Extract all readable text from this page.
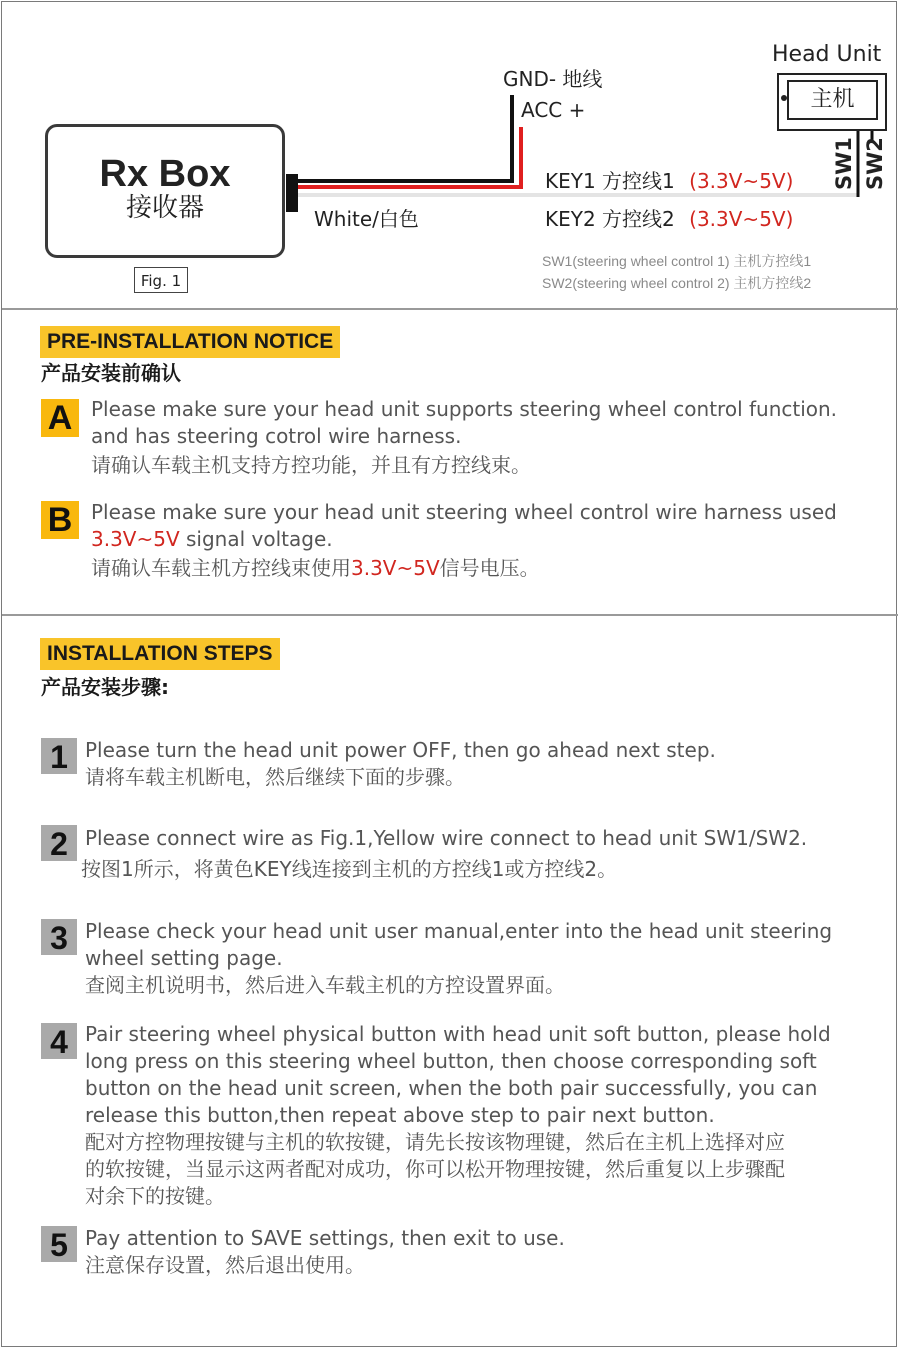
Rx Box
接收器
Fig. 1
GND- 地线
ACC +
White/白色
KEY1 方控线1 (3.3V~5V)
KEY2 方控线2 (3.3V~5V)
Head Unit
主机
SW1 SW2
SW1(steering wheel control 1) 主机方控线1
SW2(steering wheel control 2) 主机方控线2
PRE-INSTALLATION NOTICE
产品安装前确认
A Please make sure your head unit supports steering wheel control function.
and has steering cotrol wire harness.
请确认车载主机支持方控功能，并且有方控线束。
B Please make sure your head unit steering wheel control wire harness used
3.3V~5V signal voltage.
请确认车载主机方控线束使用3.3V~5V信号电压。
INSTALLATION STEPS
产品安装步骤:
1 Please turn the head unit power OFF, then go ahead next step.
请将车载主机断电，然后继续下面的步骤。
2 Please connect wire as Fig.1,Yellow wire connect to head unit SW1/SW2.
按图1所示，将黄色KEY线连接到主机的方控线1或方控线2。
3 Please check your head unit user manual,enter into the head unit steering
wheel setting page.
查阅主机说明书，然后进入车载主机的方控设置界面。
4 Pair steering wheel physical button with head unit soft button, please hold
long press on this steering wheel button, then choose corresponding soft
button on the head unit screen, when the both pair successfully, you can
release this button,then repeat above step to pair next button.
配对方控物理按键与主机的软按键，请先长按该物理键，然后在主机上选择对应
的软按键，当显示这两者配对成功，你可以松开物理按键，然后重复以上步骤配
对余下的按键。
5 Pay attention to SAVE settings, then exit to use.
注意保存设置，然后退出使用。
